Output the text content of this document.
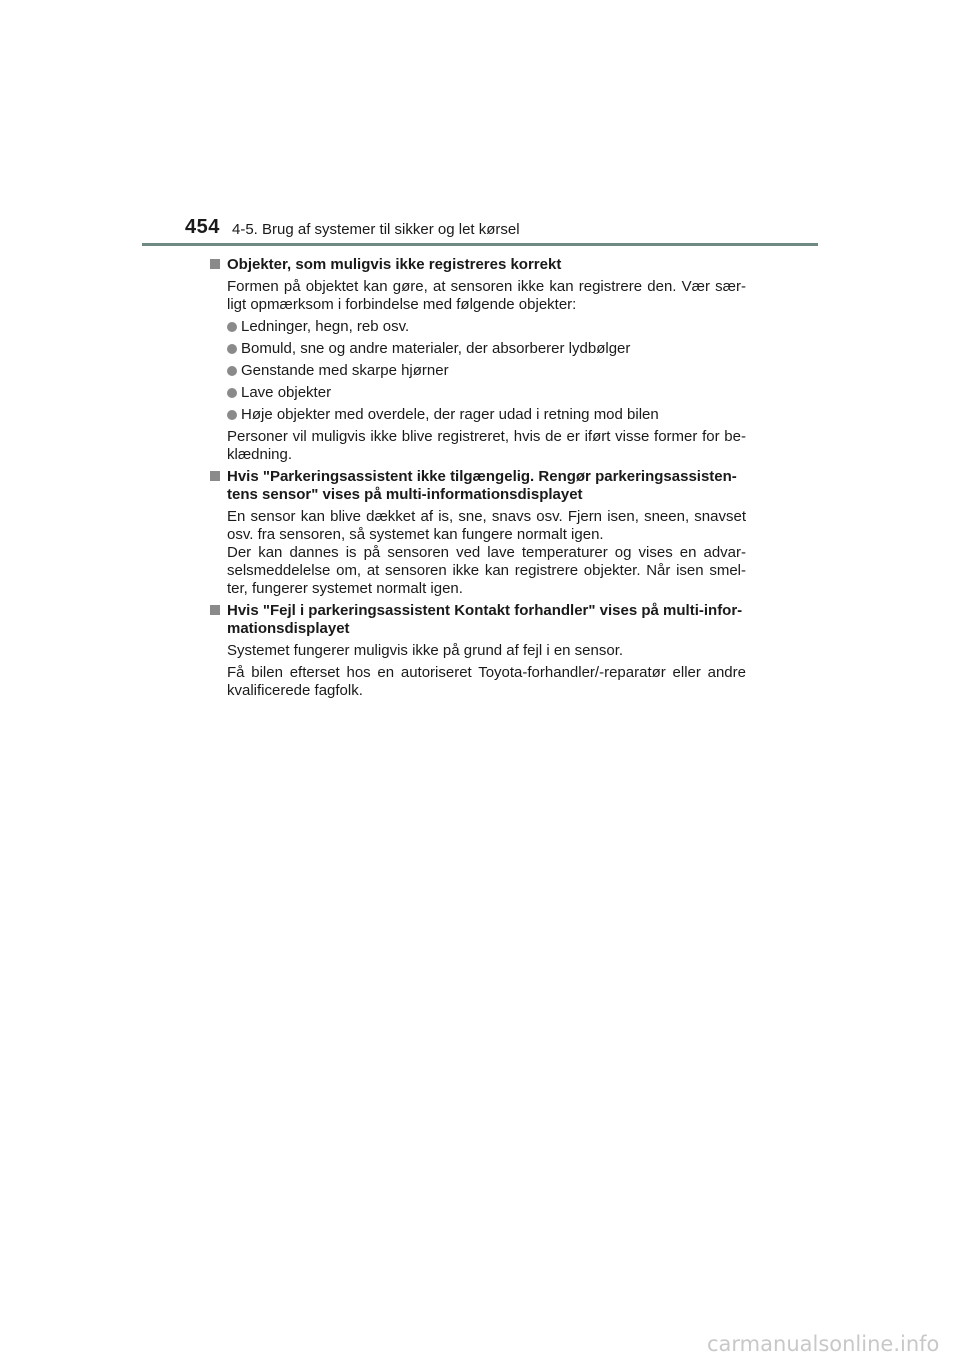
454 4-5. Brug af systemer til sikker og let kørsel
Objekter, som muligvis ikke registreres korrekt

Formen på objektet kan gøre, at sensoren ikke kan registrere den. Vær sær-ligt opmærksom i forbindelse med følgende objekter:

Ledninger, hegn, reb osv.
Bomuld, sne og andre materialer, der absorberer lydbølger
Genstande med skarpe hjørner
Lave objekter
Høje objekter med overdele, der rager udad i retning mod bilen

Personer vil muligvis ikke blive registreret, hvis de er iført visse former for be-klædning.

Hvis "Parkeringsassistent ikke tilgængelig. Rengør parkeringsassisten-tens sensor" vises på multi-informationsdisplayet

En sensor kan blive dækket af is, sne, snavs osv. Fjern isen, sneen, snavset osv. fra sensoren, så systemet kan fungere normalt igen.

Der kan dannes is på sensoren ved lave temperaturer og vises en advar-selsmeddelelse om, at sensoren ikke kan registrere objekter. Når isen smel-ter, fungerer systemet normalt igen.

Hvis "Fejl i parkeringsassistent Kontakt forhandler" vises på multi-infor-mationsdisplayet

Systemet fungerer muligvis ikke på grund af fejl i en sensor.

Få bilen efterset hos en autoriseret Toyota-forhandler/-reparatør eller andre kvalificerede fagfolk.

carmanualsonline.info
